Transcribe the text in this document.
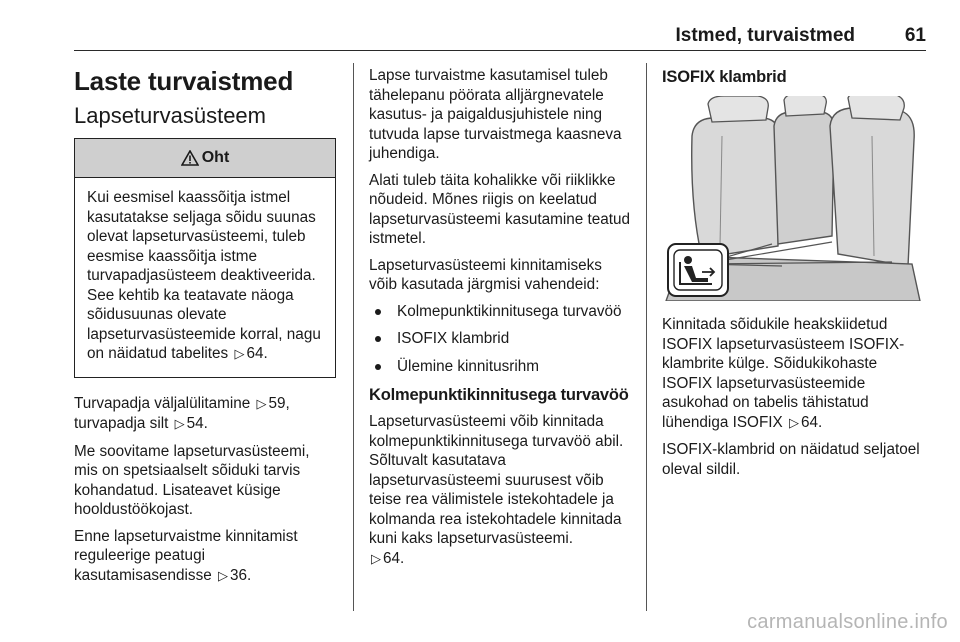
Istmed, turvaistmed	61
Laste turvaistmed
Lapseturvasüsteem
Oht

Kui eesmisel kaassõitja istmel kasutatakse seljaga sõidu suunas olevat lapseturvasüsteemi, tuleb eesmise kaassõitja istme turvapadjasüsteem deaktiveerida. See kehtib ka teatavate näoga sõidusuunas olevate lapseturvasüsteemide korral, nagu on näidatud tabelites ▷ 64.

Turvapadja väljalülitamine ▷ 59,
turvapadja silt ▷ 54.

Me soovitame lapseturvasüsteemi, mis on spetsiaalselt sõiduki tarvis kohandatud. Lisateavet küsige hooldustöökojast.

Enne lapseturvaistme kinnitamist reguleerige peatugi kasutamisasendisse ▷ 36.

Lapse turvaistme kasutamisel tuleb tähelepanu pöörata alljärgnevatele kasutus- ja paigaldusjuhistele ning tutvuda lapse turvaistmega kaasneva juhendiga.

Alati tuleb täita kohalikke või riiklikke nõudeid. Mõnes riigis on keelatud lapseturvasüsteemi kasutamine teatud istmetel.

Lapseturvasüsteemi kinnitamiseks võib kasutada järgmisi vahendeid:

Kolmepunktikinnitusega turvavöö
ISOFIX klambrid
Ülemine kinnitusrihm
Kolmepunktikinnitusega turvavöö

Lapseturvasüsteemi võib kinnitada kolmepunktikinnitusega turvavöö abil. Sõltuvalt kasutatava lapseturvasüsteemi suurusest võib teise rea välimistele istekohtadele ja kolmanda rea istekohtadele kinnitada kuni kaks lapseturvasüsteemi.
▷ 64.

ISOFIX klambrid

Kinnitada sõidukile heakskiidetud ISOFIX lapseturvasüsteem ISOFIX-klambrite külge. Sõidukikohaste ISOFIX lapseturvasüsteemide asukohad on tabelis tähistatud lühendiga ISOFIX ▷ 64.

ISOFIX-klambrid on näidatud seljatoel oleval sildil.

carmanualsonline.info
